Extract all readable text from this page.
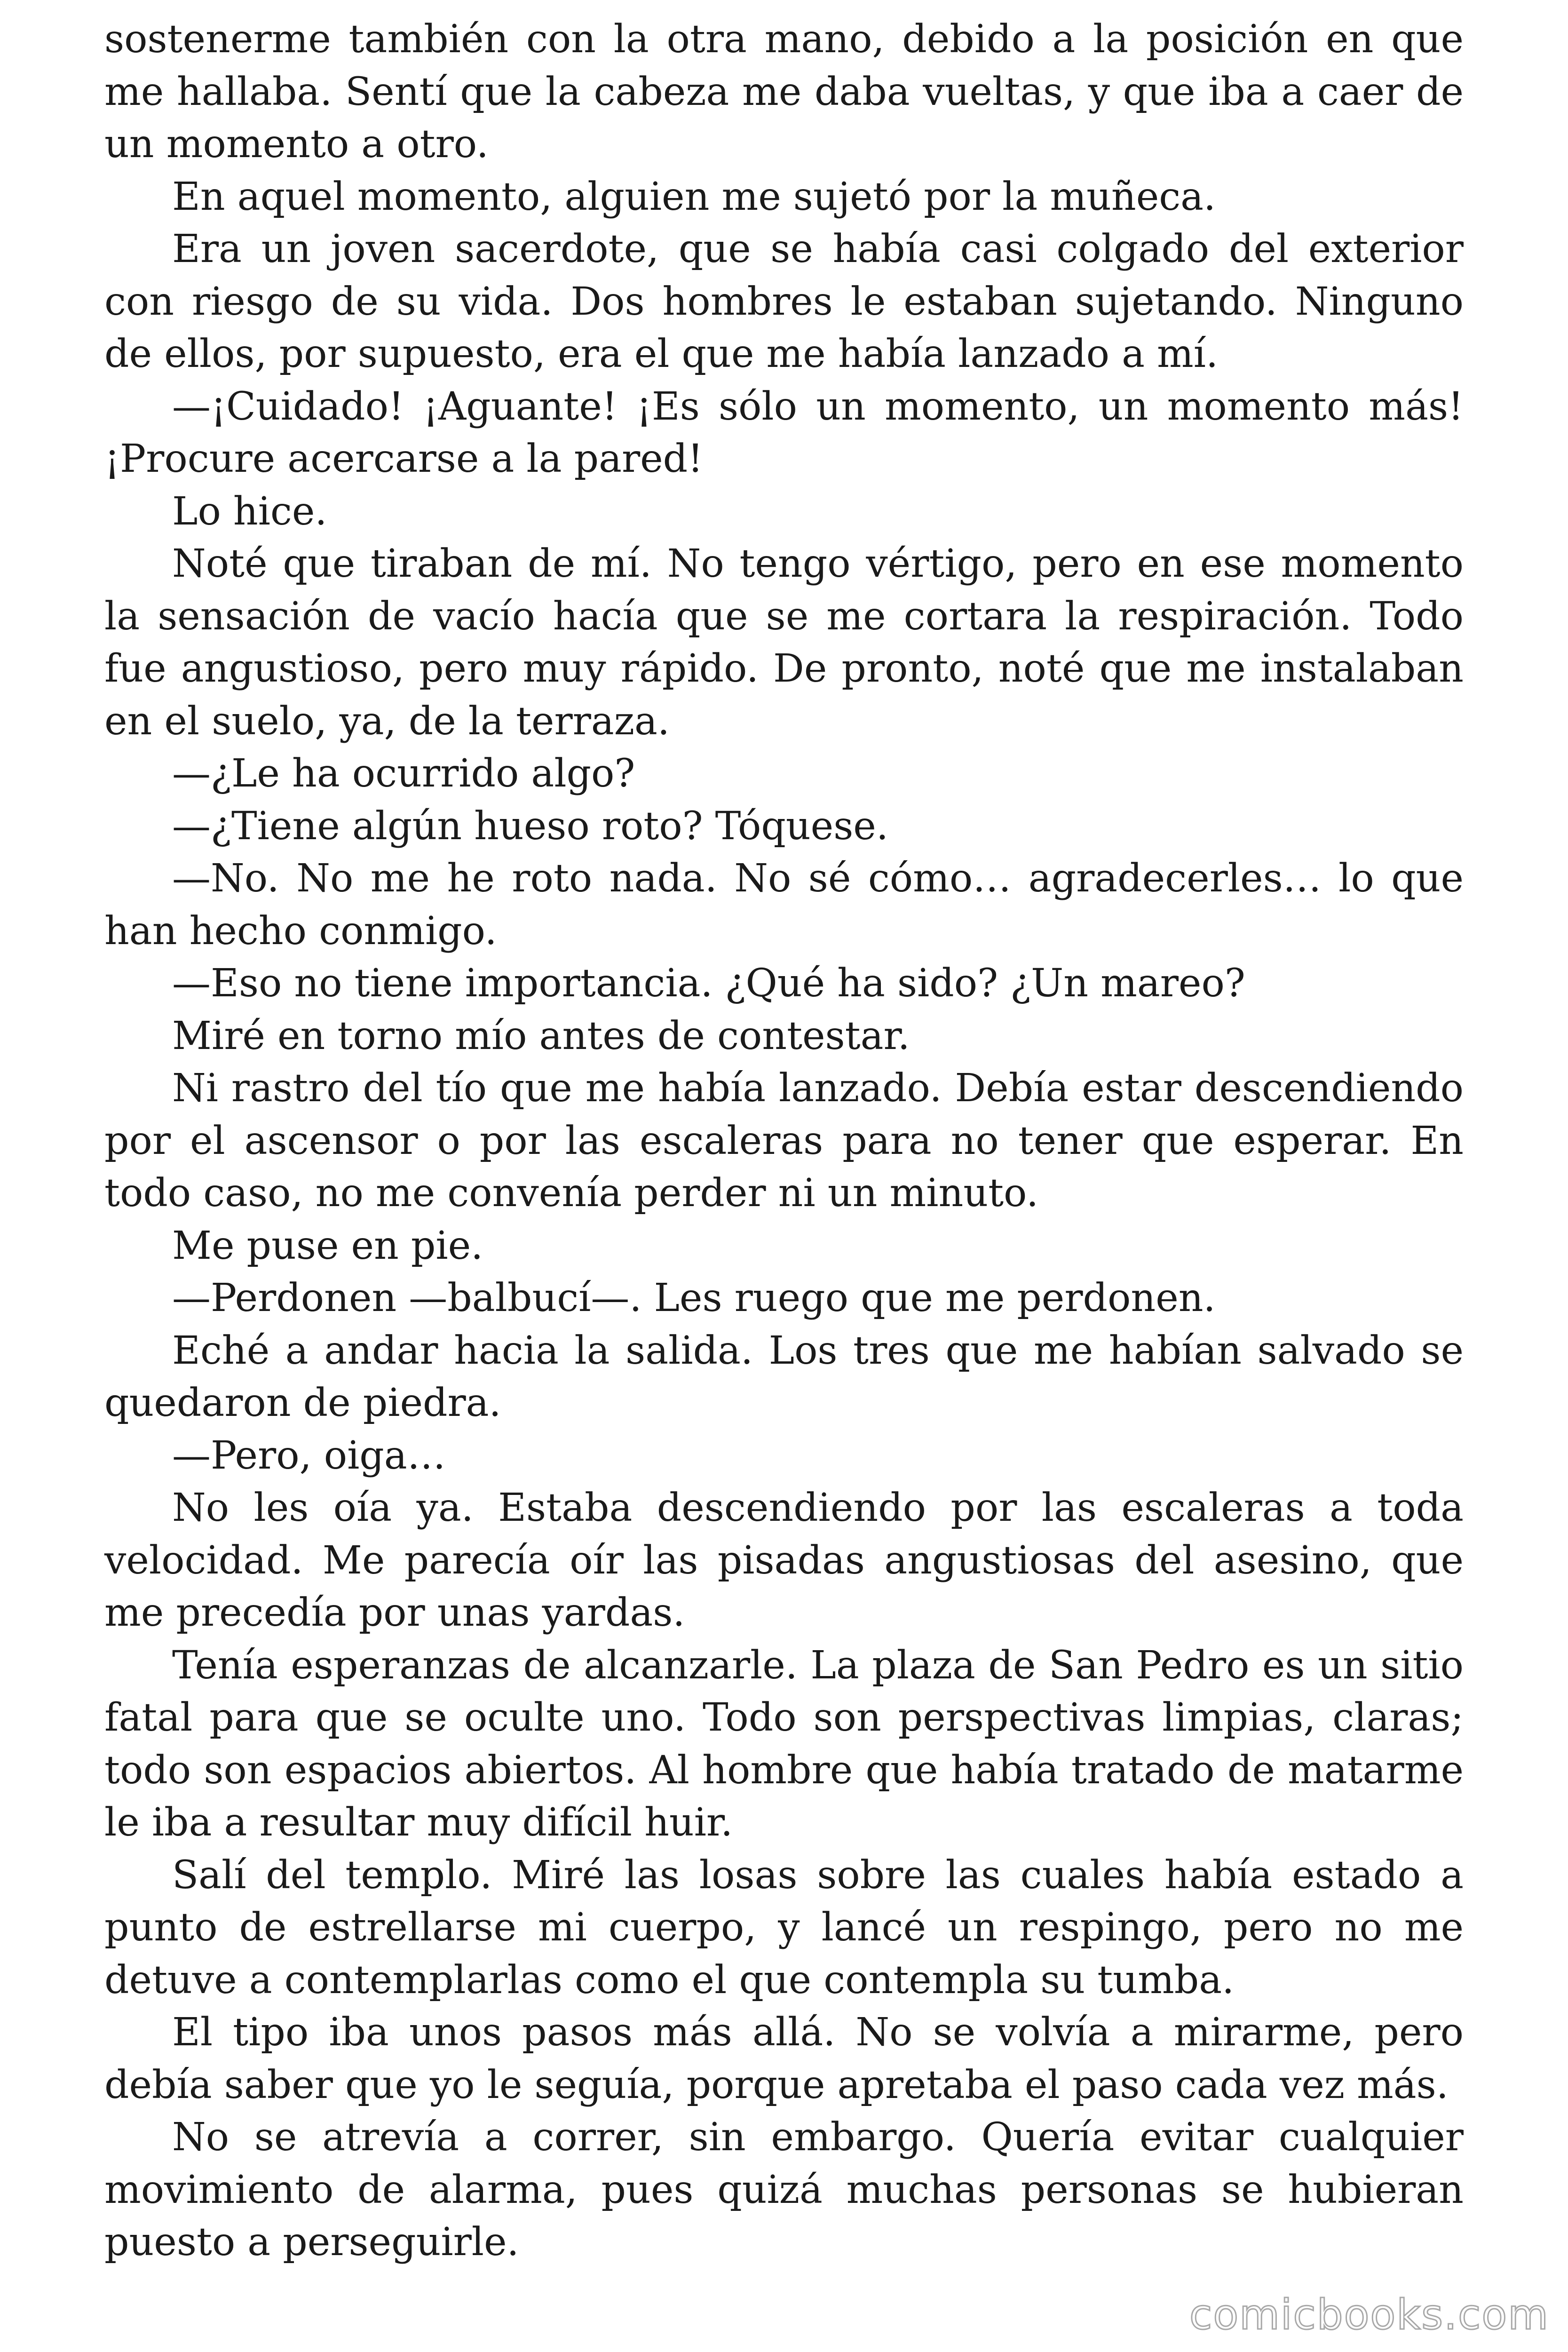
sostenerme también con la otra mano, debido a la posición en que me hallaba. Sentí que la cabeza me daba vueltas, y que iba a caer de un momento a otro.

En aquel momento, alguien me sujetó por la muñeca.

Era un joven sacerdote, que se había casi colgado del exterior con riesgo de su vida. Dos hombres le estaban sujetando. Ninguno de ellos, por supuesto, era el que me había lanzado a mí.

—¡Cuidado! ¡Aguante! ¡Es sólo un momento, un momento más! ¡Procure acercarse a la pared!

Lo hice.

Noté que tiraban de mí. No tengo vértigo, pero en ese momento la sensación de vacío hacía que se me cortara la respiración. Todo fue angustioso, pero muy rápido. De pronto, noté que me instalaban en el suelo, ya, de la terraza.

—¿Le ha ocurrido algo?

—¿Tiene algún hueso roto? Tóquese.

—No. No me he roto nada. No sé cómo… agradecerles… lo que han hecho conmigo.

—Eso no tiene importancia. ¿Qué ha sido? ¿Un mareo?

Miré en torno mío antes de contestar.

Ni rastro del tío que me había lanzado. Debía estar descendiendo por el ascensor o por las escaleras para no tener que esperar. En todo caso, no me convenía perder ni un minuto.

Me puse en pie.

—Perdonen —balbucí—. Les ruego que me perdonen.

Eché a andar hacia la salida. Los tres que me habían salvado se quedaron de piedra.

—Pero, oiga…

No les oía ya. Estaba descendiendo por las escaleras a toda velocidad. Me parecía oír las pisadas angustiosas del asesino, que me precedía por unas yardas.

Tenía esperanzas de alcanzarle. La plaza de San Pedro es un sitio fatal para que se oculte uno. Todo son perspectivas limpias, claras; todo son espacios abiertos. Al hombre que había tratado de matarme le iba a resultar muy difícil huir.

Salí del templo. Miré las losas sobre las cuales había estado a punto de estrellarse mi cuerpo, y lancé un respingo, pero no me detuve a contemplarlas como el que contempla su tumba.

El tipo iba unos pasos más allá. No se volvía a mirarme, pero debía saber que yo le seguía, porque apretaba el paso cada vez más.

No se atrevía a correr, sin embargo. Quería evitar cualquier movimiento de alarma, pues quizá muchas personas se hubieran puesto a perseguirle.

comicbooks.com
